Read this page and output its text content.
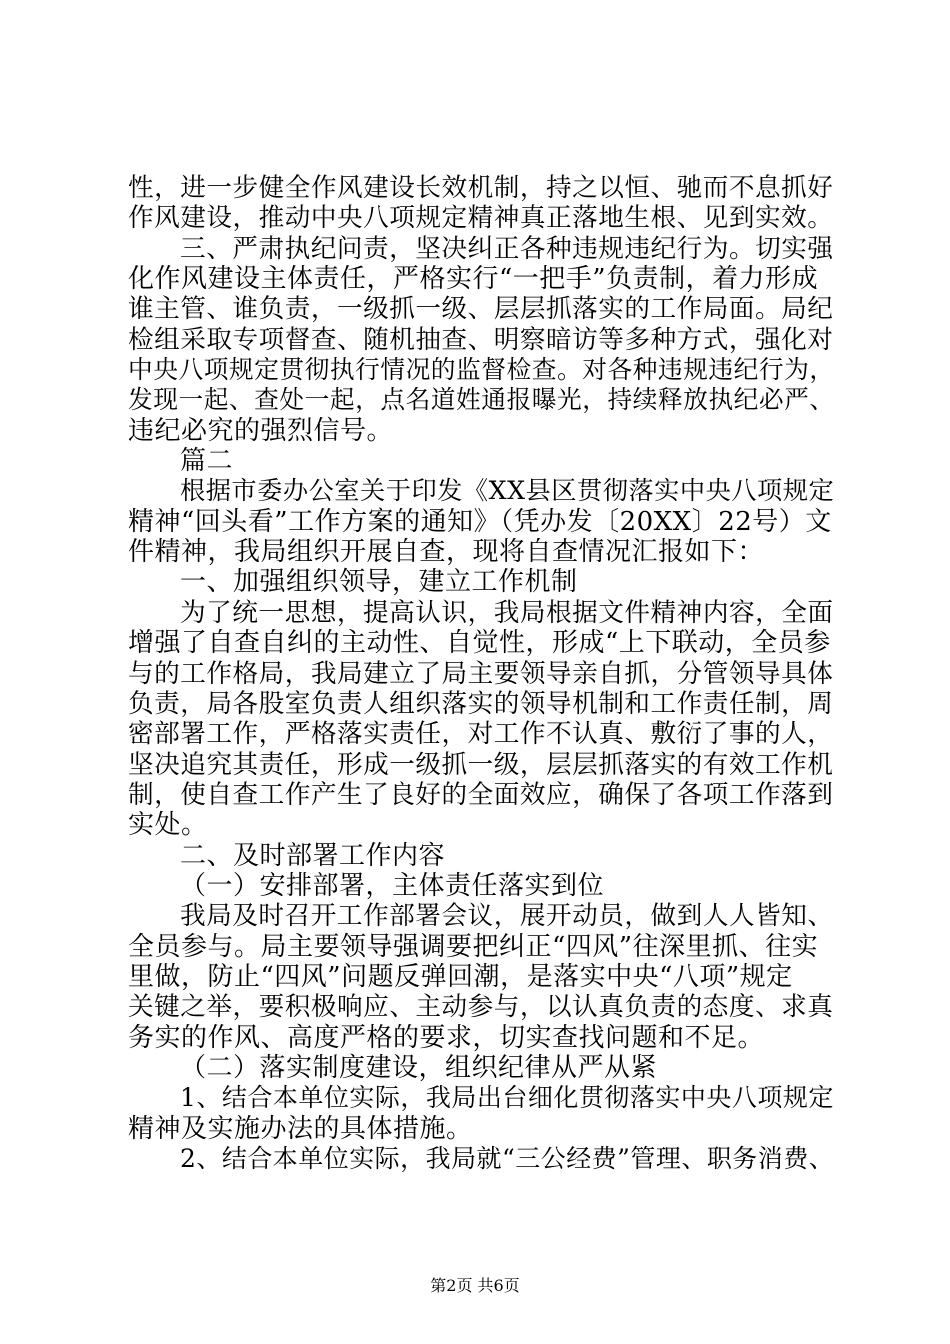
性，进一步健全作风建设长效机制，持之以恒、驰而不息抓好
作风建设，推动中央八项规定精神真正落地生根、见到实效。
三、严肃执纪问责，坚决纠正各种违规违纪行为。切实强
化作风建设主体责任，严格实行“一把手”负责制，着力形成
谁主管、谁负责，一级抓一级、层层抓落实的工作局面。局纪
检组采取专项督查、随机抽查、明察暗访等多种方式，强化对
中央八项规定贯彻执行情况的监督检查。对各种违规违纪行为，
发现一起、查处一起，点名道姓通报曝光，持续释放执纪必严、
违纪必究的强烈信号。
篇二
根据市委办公室关于印发《XX县区贯彻落实中央八项规定
精神“回头看”工作方案的通知》（凭办发〔20XX〕22号）文
件精神，我局组织开展自查，现将自查情况汇报如下：
一、加强组织领导，建立工作机制
为了统一思想，提高认识，我局根据文件精神内容，全面
增强了自查自纠的主动性、自觉性，形成“上下联动，全员参
与的工作格局，我局建立了局主要领导亲自抓，分管领导具体
负责，局各股室负责人组织落实的领导机制和工作责任制，周
密部署工作，严格落实责任，对工作不认真、敷衍了事的人，
坚决追究其责任，形成一级抓一级，层层抓落实的有效工作机
制，使自查工作产生了良好的全面效应，确保了各项工作落到
实处。
二、及时部署工作内容
（一）安排部署，主体责任落实到位
我局及时召开工作部署会议，展开动员，做到人人皆知、
全员参与。局主要领导强调要把纠正“四风”往深里抓、往实
里做，防止“四风”问题反弹回潮，是落实中央“八项”规定
关键之举，要积极响应、主动参与，以认真负责的态度、求真
务实的作风、高度严格的要求，切实查找问题和不足。
（二）落实制度建设，组织纪律从严从紧
1、结合本单位实际，我局出台细化贯彻落实中央八项规定
精神及实施办法的具体措施。
2、结合本单位实际，我局就“三公经费”管理、职务消费、
第2页 共6页
